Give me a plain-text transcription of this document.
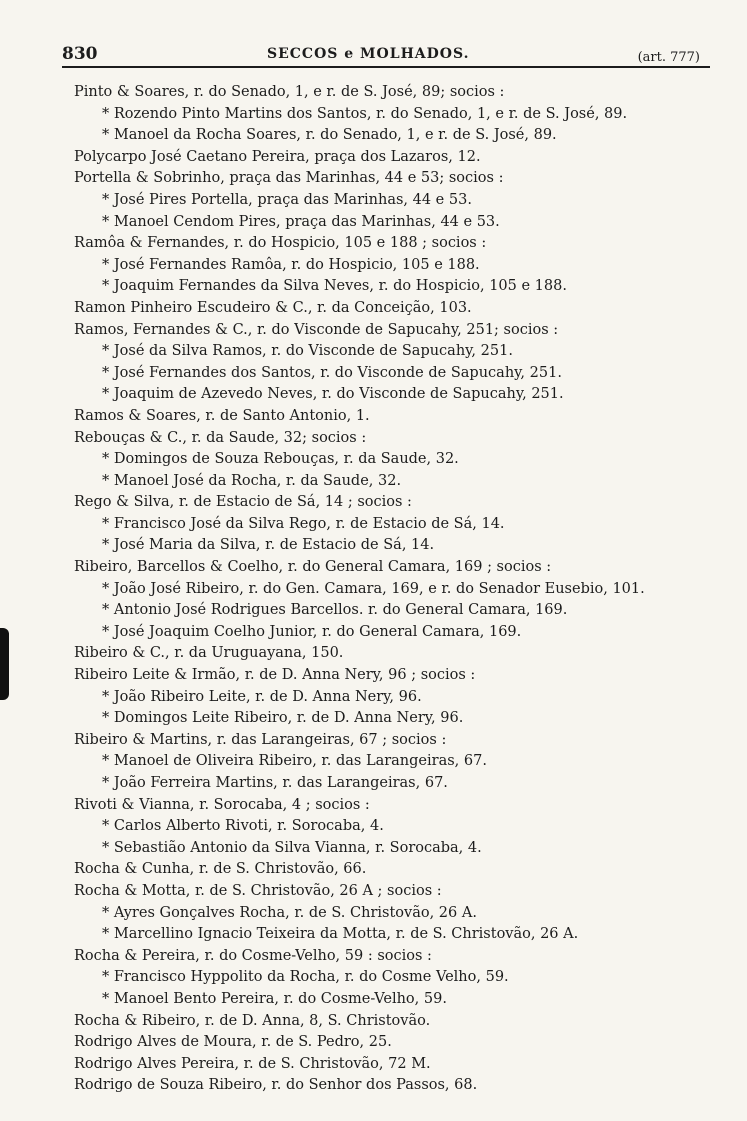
830	SECCOS e MOLHADOS.	(art. 777)
Pinto & Soares, r. do Senado, 1, e r. de S. José, 89; socios :
* Rozendo Pinto Martins dos Santos, r. do Senado, 1, e r. de S. José, 89.
* Manoel da Rocha Soares, r. do Senado, 1, e r. de S. José, 89.
Polycarpo José Caetano Pereira, praça dos Lazaros, 12.
Portella & Sobrinho, praça das Marinhas, 44 e 53; socios :
* José Pires Portella, praça das Marinhas, 44 e 53.
* Manoel Cendom Pires, praça das Marinhas, 44 e 53.
Ramôa & Fernandes, r. do Hospicio, 105 e 188 ; socios :
* José Fernandes Ramôa, r. do Hospicio, 105 e 188.
* Joaquim Fernandes da Silva Neves, r. do Hospicio, 105 e 188.
Ramon Pinheiro Escudeiro & C., r. da Conceição, 103.
Ramos, Fernandes & C., r. do Visconde de Sapucahy, 251; socios :
* José da Silva Ramos, r. do Visconde de Sapucahy, 251.
* José Fernandes dos Santos, r. do Visconde de Sapucahy, 251.
* Joaquim de Azevedo Neves, r. do Visconde de Sapucahy, 251.
Ramos & Soares, r. de Santo Antonio, 1.
Rebouças & C., r. da Saude, 32; socios :
* Domingos de Souza Rebouças, r. da Saude, 32.
* Manoel José da Rocha, r. da Saude, 32.
Rego & Silva, r. de Estacio de Sá, 14 ; socios :
* Francisco José da Silva Rego, r. de Estacio de Sá, 14.
* José Maria da Silva, r. de Estacio de Sá, 14.
Ribeiro, Barcellos & Coelho, r. do General Camara, 169 ; socios :
* João José Ribeiro, r. do Gen. Camara, 169, e r. do Senador Eusebio, 101.
* Antonio José Rodrigues Barcellos. r. do General Camara, 169.
* José Joaquim Coelho Junior, r. do General Camara, 169.
Ribeiro & C., r. da Uruguayana, 150.
Ribeiro Leite & Irmão, r. de D. Anna Nery, 96 ; socios :
* João Ribeiro Leite, r. de D. Anna Nery, 96.
* Domingos Leite Ribeiro, r. de D. Anna Nery, 96.
Ribeiro & Martins, r. das Larangeiras, 67 ; socios :
* Manoel de Oliveira Ribeiro, r. das Larangeiras, 67.
* João Ferreira Martins, r. das Larangeiras, 67.
Rivoti & Vianna, r. Sorocaba, 4 ; socios :
* Carlos Alberto Rivoti, r. Sorocaba, 4.
* Sebastião Antonio da Silva Vianna, r. Sorocaba, 4.
Rocha & Cunha, r. de S. Christovão, 66.
Rocha & Motta, r. de S. Christovão, 26 A ; socios :
* Ayres Gonçalves Rocha, r. de S. Christovão, 26 A.
* Marcellino Ignacio Teixeira da Motta, r. de S. Christovão, 26 A.
Rocha & Pereira, r. do Cosme-Velho, 59 : socios :
* Francisco Hyppolito da Rocha, r. do Cosme Velho, 59.
* Manoel Bento Pereira, r. do Cosme-Velho, 59.
Rocha & Ribeiro, r. de D. Anna, 8, S. Christovão.
Rodrigo Alves de Moura, r. de S. Pedro, 25.
Rodrigo Alves Pereira, r. de S. Christovão, 72 M.
Rodrigo de Souza Ribeiro, r. do Senhor dos Passos, 68.
